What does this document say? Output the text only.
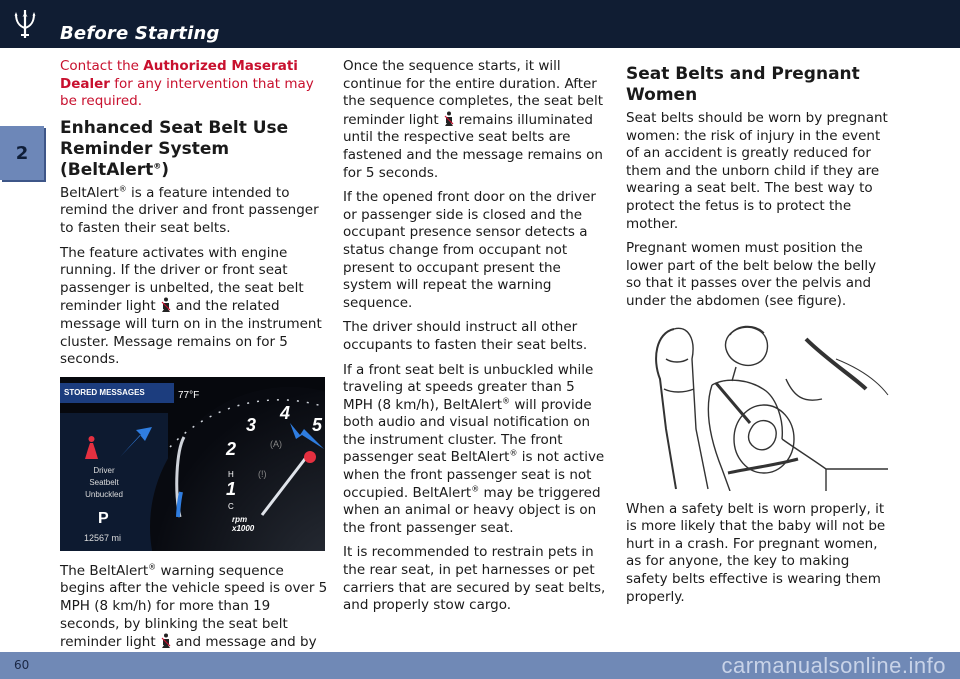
Before Starting
2

Contact the Authorized Maserati Dealer for any intervention that may be required.

Enhanced Seat Belt Use Reminder System (BeltAlert®)

BeltAlert® is a feature intended to remind the driver and front passenger to fasten their seat belts.

The feature activates with engine running. If the driver or front seat passenger is unbelted, the seat belt reminder light and the related message will turn on in the instrument cluster. Message remains on for 5 seconds.

H
C
(A)
(!)
STORED MESSAGES	77°F
Driver
Seatbelt
Unbuckled
P
12567 mi
rpm
x1000
1
2
3
4
5

The BeltAlert® warning sequence begins after the vehicle speed is over 5 MPH (8 km/h) for more than 19 seconds, by blinking the seat belt reminder light and message and by

Once the sequence starts, it will continue for the entire duration. After the sequence completes, the seat belt reminder light remains illuminated until the respective seat belts are fastened and the message remains on for 5 seconds.

If the opened front door on the driver or passenger side is closed and the occupant presence sensor detects a status change from occupant not present to occupant present the system will repeat the warning sequence.

The driver should instruct all other occupants to fasten their seat belts.

If a front seat belt is unbuckled while traveling at speeds greater than 5 MPH (8 km/h), BeltAlert® will provide both audio and visual notification on the instrument cluster. The front passenger seat BeltAlert® is not active when the front passenger seat is not occupied. BeltAlert® may be triggered when an animal or heavy object is on the front passenger seat.

It is recommended to restrain pets in the rear seat, in pet harnesses or pet carriers that are secured by seat belts, and properly stow cargo.

Seat Belts and Pregnant Women

Seat belts should be worn by pregnant women: the risk of injury in the event of an accident is greatly reduced for them and the unborn child if they are wearing a seat belt. The best way to protect the fetus is to protect the mother.

Pregnant women must position the lower part of the belt below the belly so that it passes over the pelvis and under the abdomen (see figure).

When a safety belt is worn properly, it is more likely that the baby will not be hurt in a crash. For pregnant women, as for anyone, the key to making safety belts effective is wearing them properly.

60	carmanualsonline.info
